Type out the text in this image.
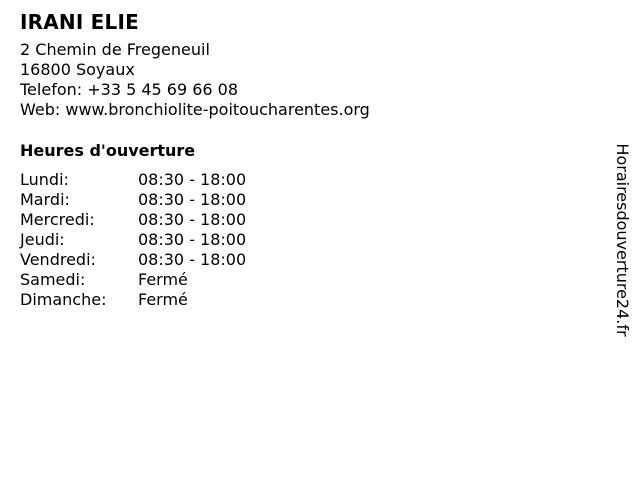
IRANI ELIE
2 Chemin de Fregeneuil
16800 Soyaux
Telefon: +33 5 45 69 66 08
Web: www.bronchiolite-poitoucharentes.org
Heures d'ouverture
Lundi:	08:30 - 18:00
Mardi:	08:30 - 18:00
Mercredi:	08:30 - 18:00
Jeudi:	08:30 - 18:00
Vendredi:	08:30 - 18:00
Samedi:	Fermé
Dimanche:	Fermé	Horairesdouverture24.fr
